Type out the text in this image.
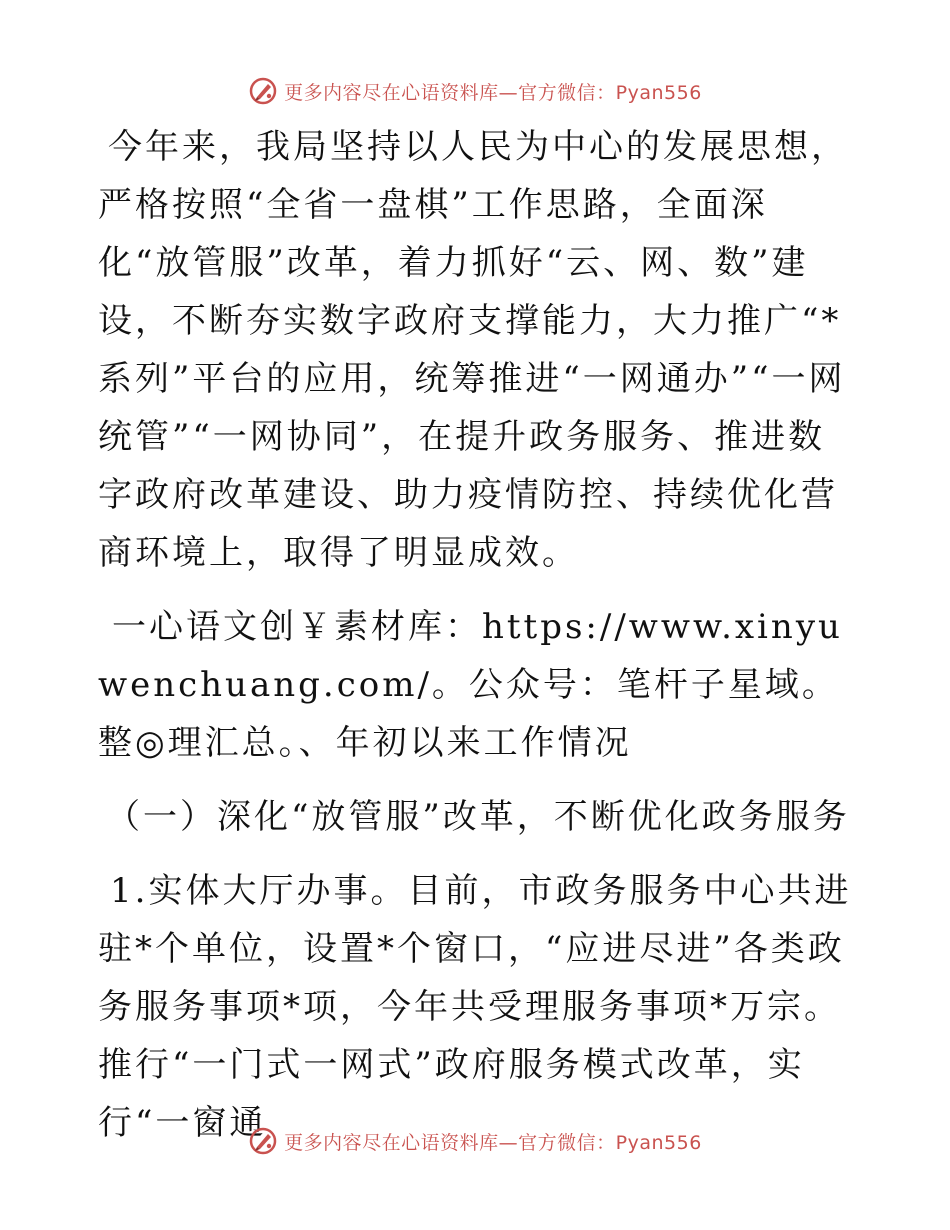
更多内容尽在心语资料库—官方微信：Pyan556

今年来，我局坚持以人民为中心的发展思想，严格按照“全省一盘棋”工作思路，全面深化“放管服”改革，着力抓好“云、网、数”建设，不断夯实数字政府支撑能力，大力推广“*系列”平台的应用，统筹推进“一网通办”“一网统管”“一网协同”，在提升政务服务、推进数字政府改革建设、助力疫情防控、持续优化营商环境上，取得了明显成效。

一心语文创￥素材库：https://www.xinyuwenchuang.com/。公众号：笔杆子星域。整◎理汇总。、年初以来工作情况

（一）深化“放管服”改革，不断优化政务服务

1.实体大厅办事。目前，市政务服务中心共进驻*个单位，设置*个窗口，“应进尽进”各类政务服务事项*项，今年共受理服务事项*万宗。推行“一门式一网式”政府服务模式改革，实行“一窗通 更多内容尽在心语资料库—官方微信：Pyan556
